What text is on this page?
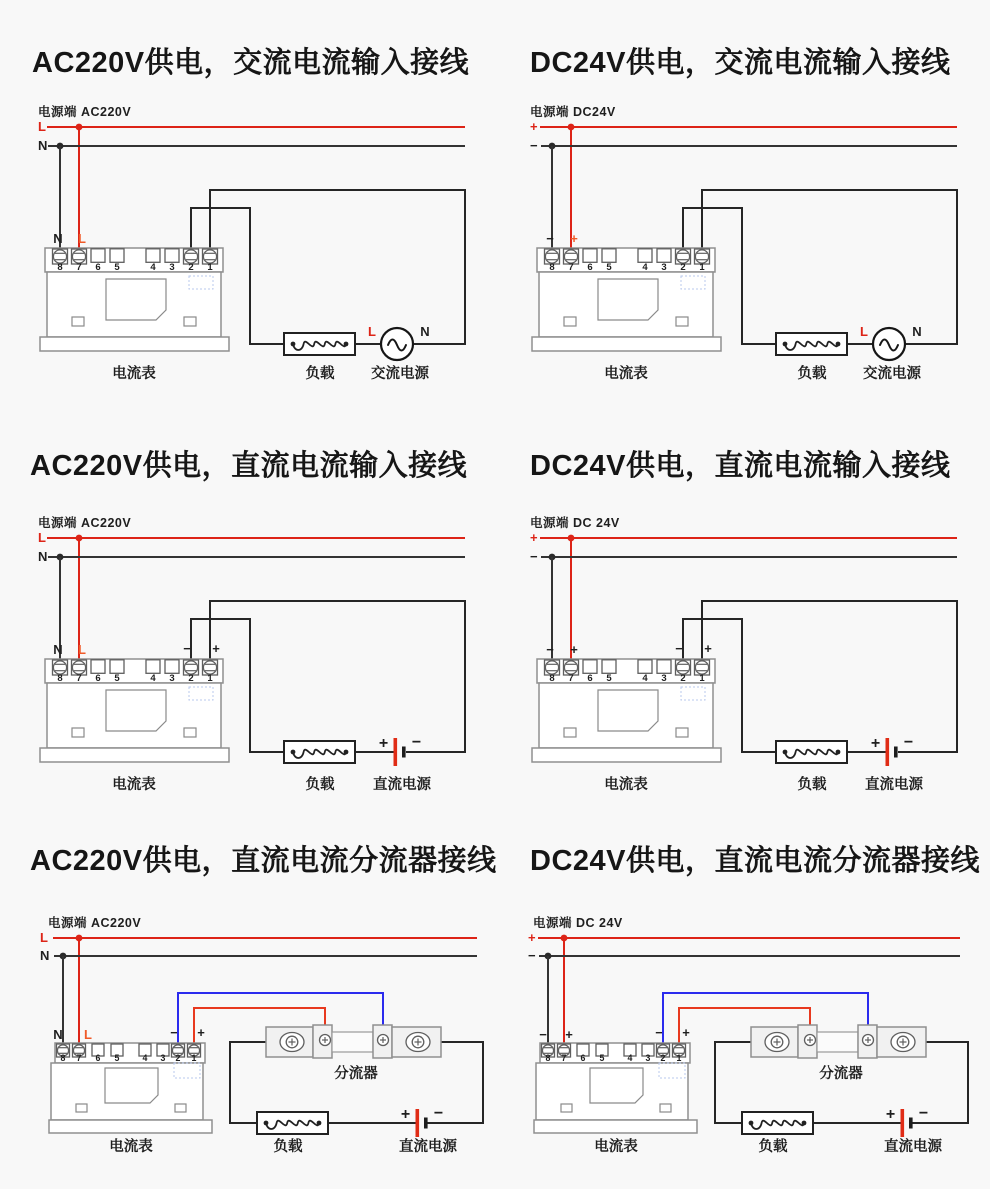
AC220V供电，交流电流输入接线 DC24V供电，交流电流输入接线
AC220V供电，直流电流输入接线 DC24V供电，直流电流输入接线
AC220V供电，直流电流分流器接线 DC24V供电，直流电流分流器接线
电源端 AC220V
L
N
N L
电流表	负载	交流电源
电源端 DC24V
+
−
− +
电流表	负载	交流电源
电源端 AC220V
L
N
N L	− +
电流表	负载	直流电源
电源端 DC 24V
+
−
− +	− +
电流表	负载	直流电源
电源端 AC220V
L
N
N L	− +
电流表	负载	直流电源
电源端 DC 24V
+
−
− +	− +
电流表	负载	直流电源
